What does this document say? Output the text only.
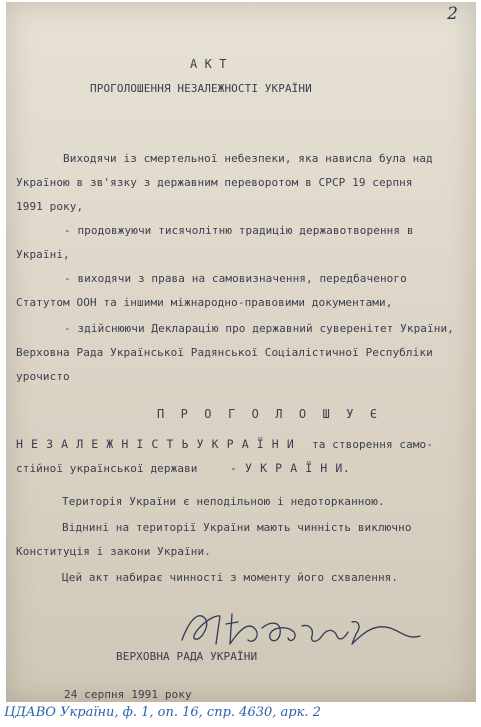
2
А К Т
ПРОГОЛОШЕННЯ НЕЗАЛЕЖНОСТІ УКРАЇНИ
Виходячи із смертельної небезпеки, яка нависла була над
Україною в зв'язку з державним переворотом в СРСР 19 серпня
1991 року,
- продовжуючи тисячолітню традицію державотворення в
Україні,
- виходячи з права на самовизначення, передбаченого
Статутом ООН та іншими міжнародно-правовими документами,
- здійснюючи Декларацію про державний суверенітет України,
Верховна Рада Української Радянської Соціалістичної Республіки
урочисто
П Р О Г О Л О Ш У Є
Н Е З А Л Е Ж Н І С Т Ь У К Р А Ї Н И та створення само-
стійної української держави	- У К Р А Ї Н И.
Територія України є неподільною і недоторканною.
Віднині на території України мають чинність виключно
Конституція і закони України.
Цей акт набирає чинності з моменту його схвалення.
ВЕРХОВНА РАДА УКРАЇНИ
24 серпня 1991 року
ЦДАВО України, ф. 1, оп. 16, спр. 4630, арк. 2
